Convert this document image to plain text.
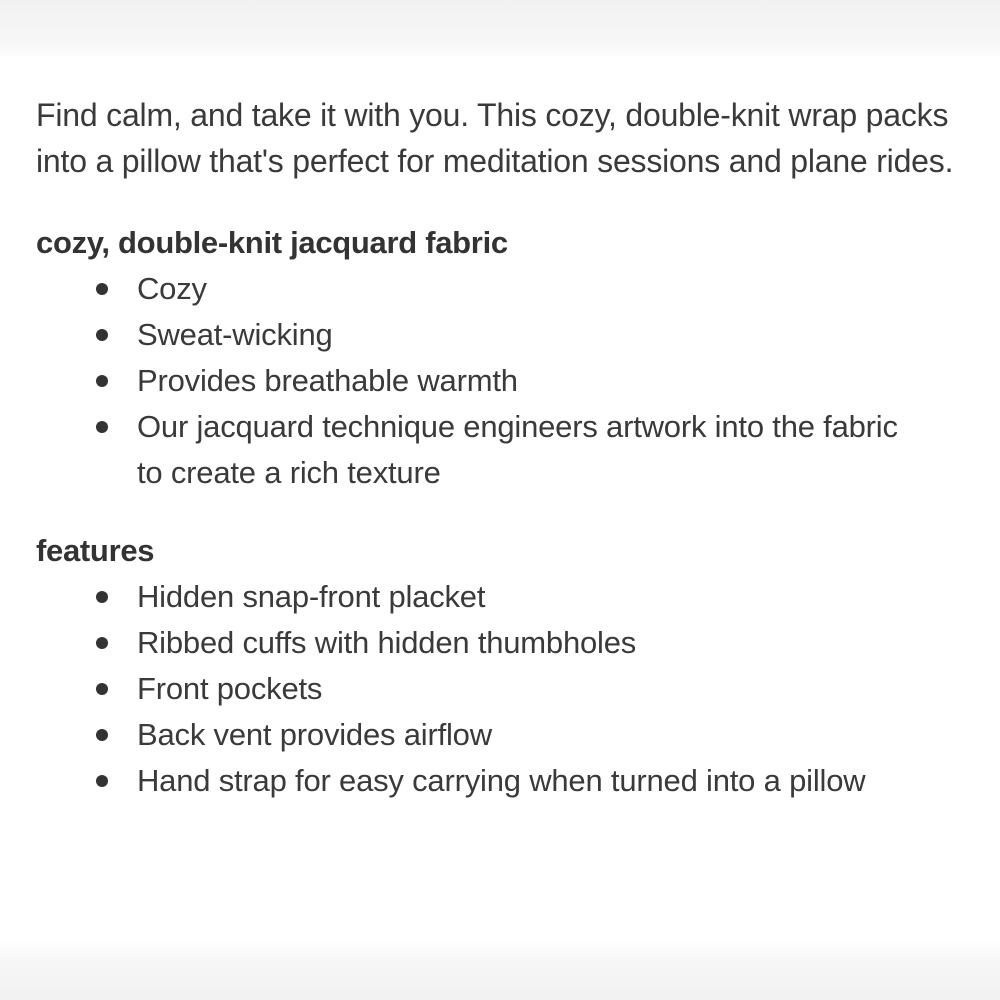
Find calm, and take it with you. This cozy, double-knit wrap packs into a pillow that's perfect for meditation sessions and plane rides.

cozy, double-knit jacquard fabric
Cozy
Sweat-wicking
Provides breathable warmth
Our jacquard technique engineers artwork into the fabric to create a rich texture
features
Hidden snap-front placket
Ribbed cuffs with hidden thumbholes
Front pockets
Back vent provides airflow
Hand strap for easy carrying when turned into a pillow
